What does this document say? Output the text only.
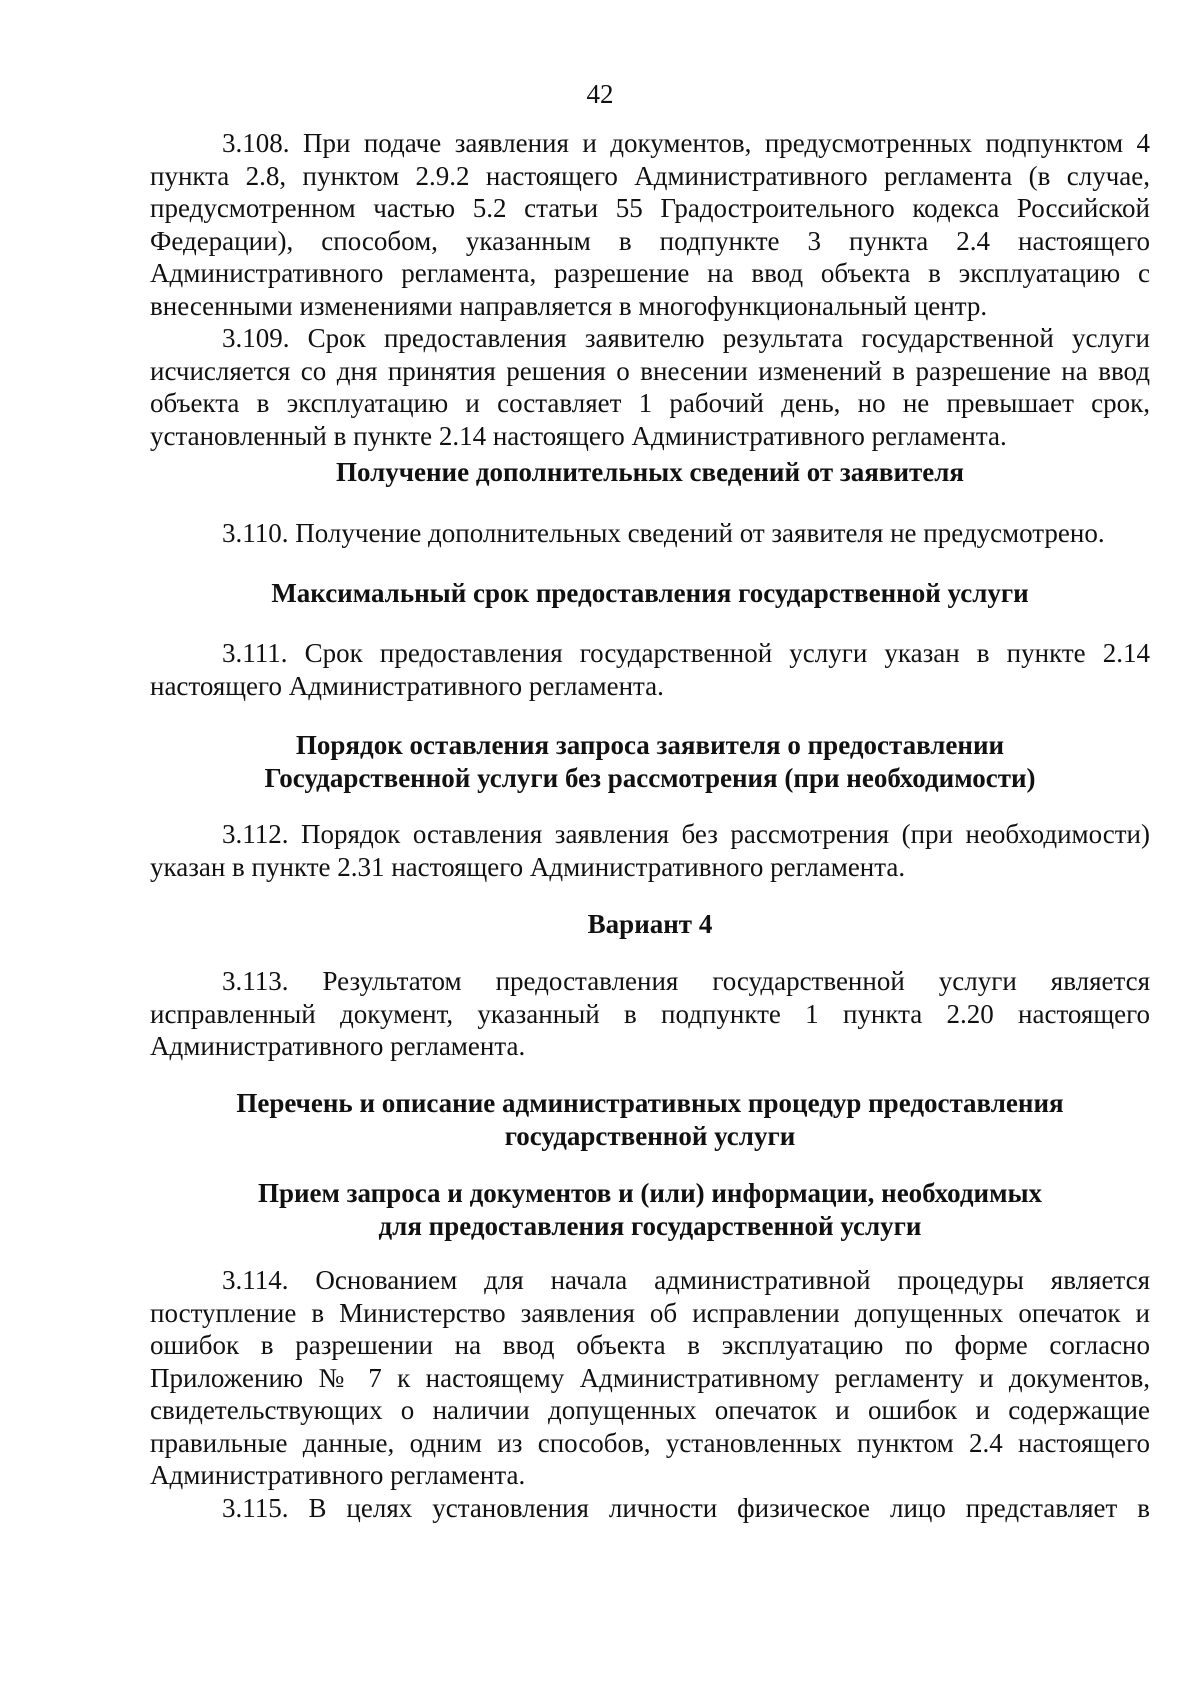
42

3.108. При подаче заявления и документов, предусмотренных подпунктом 4 пункта 2.8, пунктом 2.9.2 настоящего Административного регламента (в случае, предусмотренном частью 5.2 статьи 55 Градостроительного кодекса Российской Федерации), способом, указанным в подпункте 3 пункта 2.4 настоящего Административного регламента, разрешение на ввод объекта в эксплуатацию с внесенными изменениями направляется в многофункциональный центр.

3.109. Срок предоставления заявителю результата государственной услуги исчисляется со дня принятия решения о внесении изменений в разрешение на ввод объекта в эксплуатацию и составляет 1 рабочий день, но не превышает срок, установленный в пункте 2.14 настоящего Административного регламента.

Получение дополнительных сведений от заявителя

3.110. Получение дополнительных сведений от заявителя не предусмотрено.

Максимальный срок предоставления государственной услуги

3.111. Срок предоставления государственной услуги указан в пункте 2.14 настоящего Административного регламента.

Порядок оставления запроса заявителя о предоставлении
Государственной услуги без рассмотрения (при необходимости)

3.112. Порядок оставления заявления без рассмотрения (при необходимости) указан в пункте 2.31 настоящего Административного регламента.

Вариант 4

3.113. Результатом предоставления государственной услуги является исправленный документ, указанный в подпункте 1 пункта 2.20 настоящего Административного регламента.

Перечень и описание административных процедур предоставления
государственной услуги
Прием запроса и документов и (или) информации, необходимых
для предоставления государственной услуги

3.114. Основанием для начала административной процедуры является поступление в Министерство заявления об исправлении допущенных опечаток и ошибок в разрешении на ввод объекта в эксплуатацию по форме согласно Приложению № 7 к настоящему Административному регламенту и документов, свидетельствующих о наличии допущенных опечаток и ошибок и содержащие правильные данные, одним из способов, установленных пунктом 2.4 настоящего Административного регламента.

3.115. В целях установления личности физическое лицо представляет в
